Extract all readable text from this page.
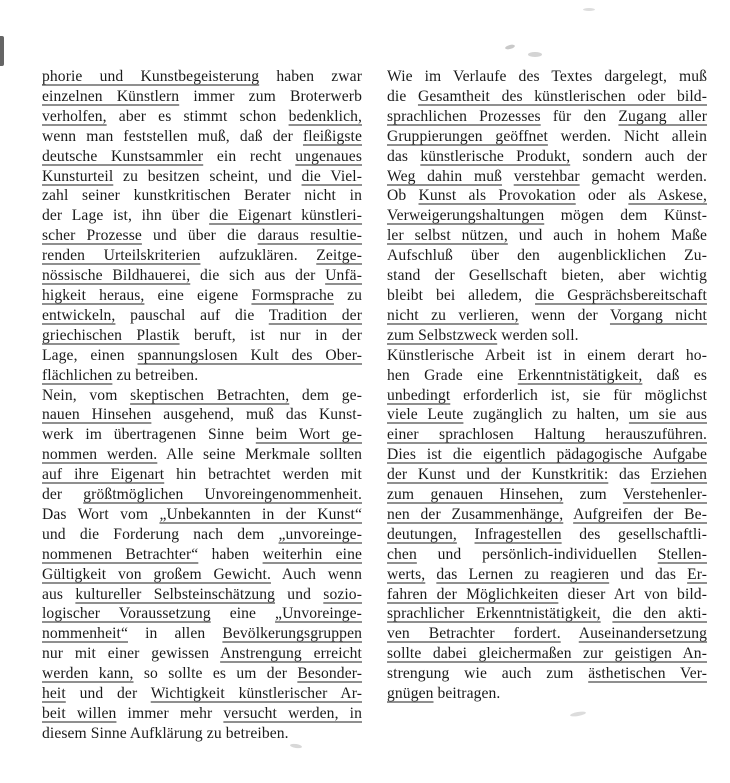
phorie und Kunstbegeisterung haben zwar
einzelnen Künstlern immer zum Broterwerb
verholfen, aber es stimmt schon bedenklich,
wenn man feststellen muß, daß der fleißigste
deutsche Kunstsammler ein recht ungenaues
Kunsturteil zu besitzen scheint, und die Viel-
zahl seiner kunstkritischen Berater nicht in
der Lage ist, ihn über die Eigenart künstleri-
scher Prozesse und über die daraus resultie-
renden Urteilskriterien aufzuklären. Zeitge-
nössische Bildhauerei, die sich aus der Unfä-
higkeit heraus, eine eigene Formsprache zu
entwickeln, pauschal auf die Tradition der
griechischen Plastik beruft, ist nur in der
Lage, einen spannungslosen Kult des Ober-
flächlichen zu betreiben.
Nein, vom skeptischen Betrachten, dem ge-
nauen Hinsehen ausgehend, muß das Kunst-
werk im übertragenen Sinne beim Wort ge-
nommen werden. Alle seine Merkmale sollten
auf ihre Eigenart hin betrachtet werden mit
der größtmöglichen Unvoreingenommenheit.
Das Wort vom „Unbekannten in der Kunst“
und die Forderung nach dem „unvoreinge-
nommenen Betrachter“ haben weiterhin eine
Gültigkeit von großem Gewicht. Auch wenn
aus kultureller Selbsteinschätzung und sozio-
logischer Voraussetzung eine „Unvoreinge-
nommenheit“ in allen Bevölkerungsgruppen
nur mit einer gewissen Anstrengung erreicht
werden kann, so sollte es um der Besonder-
heit und der Wichtigkeit künstlerischer Ar-
beit willen immer mehr versucht werden, in
diesem Sinne Aufklärung zu betreiben.
Wie im Verlaufe des Textes dargelegt, muß
die Gesamtheit des künstlerischen oder bild-
sprachlichen Prozesses für den Zugang aller
Gruppierungen geöffnet werden. Nicht allein
das künstlerische Produkt, sondern auch der
Weg dahin muß verstehbar gemacht werden.
Ob Kunst als Provokation oder als Askese,
Verweigerungshaltungen mögen dem Künst-
ler selbst nützen, und auch in hohem Maße
Aufschluß über den augenblicklichen Zu-
stand der Gesellschaft bieten, aber wichtig
bleibt bei alledem, die Gesprächsbereitschaft
nicht zu verlieren, wenn der Vorgang nicht
zum Selbstzweck werden soll.
Künstlerische Arbeit ist in einem derart ho-
hen Grade eine Erkenntnistätigkeit, daß es
unbedingt erforderlich ist, sie für möglichst
viele Leute zugänglich zu halten, um sie aus
einer sprachlosen Haltung herauszuführen.
Dies ist die eigentlich pädagogische Aufgabe
der Kunst und der Kunstkritik: das Erziehen
zum genauen Hinsehen, zum Verstehenler-
nen der Zusammenhänge, Aufgreifen der Be-
deutungen, Infragestellen des gesellschaftli-
chen und persönlich-individuellen Stellen-
werts, das Lernen zu reagieren und das Er-
fahren der Möglichkeiten dieser Art von bild-
sprachlicher Erkenntnistätigkeit, die den akti-
ven Betrachter fordert. Auseinandersetzung
sollte dabei gleichermaßen zur geistigen An-
strengung wie auch zum ästhetischen Ver-
gnügen beitragen.
